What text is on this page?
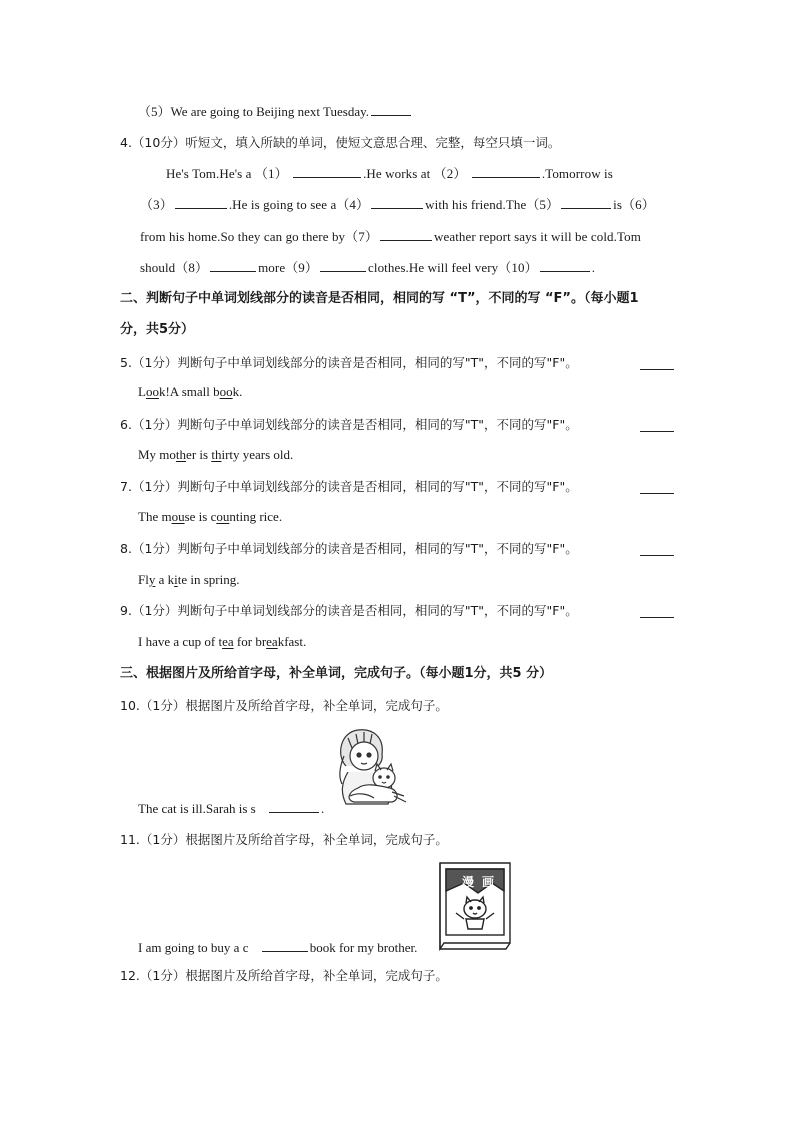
（5）We are going to Beijing next Tuesday.
4.（10分）听短文，填入所缺的单词，使短文意思合理、完整，每空只填一词。
He's Tom.He's a （1）	.He works at （2）	.Tomorrow is
（3）	.He is going to see a（4）	with his friend.The（5）	is（6）
from his home.So they can go there by（7）	weather report says it will be cold.Tom
should（8）	more（9）	clothes.He will feel very（10）	.
二、判断句子中单词划线部分的读音是否相同，相同的写 “T”，不同的写 “F”。（每小题1
分，共5分）
5.（1分）判断句子中单词划线部分的读音是否相同，相同的写"T"，不同的写"F"。
Look!A small book.
6.（1分）判断句子中单词划线部分的读音是否相同，相同的写"T"，不同的写"F"。
My mother is thirty years old.
7.（1分）判断句子中单词划线部分的读音是否相同，相同的写"T"，不同的写"F"。
The mouse is counting rice.
8.（1分）判断句子中单词划线部分的读音是否相同，相同的写"T"，不同的写"F"。
Fly a kite in spring.
9.（1分）判断句子中单词划线部分的读音是否相同，相同的写"T"，不同的写"F"。
I have a cup of tea for breakfast.
三、根据图片及所给首字母，补全单词，完成句子。（每小题1分，共5 分）
10.（1分）根据图片及所给首字母，补全单词，完成句子。
The cat is ill.Sarah is s	.
11.（1分）根据图片及所给首字母，补全单词，完成句子。
漫 画
I am going to buy a c	book for my brother.
12.（1分）根据图片及所给首字母，补全单词，完成句子。
